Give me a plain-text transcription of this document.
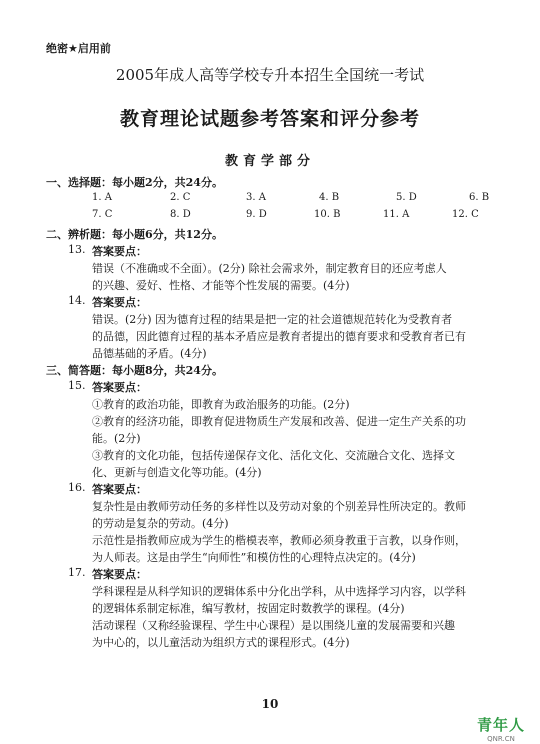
绝密★启用前
2005年成人高等学校专升本招生全国统一考试
教育理论试题参考答案和评分参考
教育学部分
一、选择题：每小题2分，共24分。
1. A	2. C	3. A	4. B	5. D	6. B
7. C	8. D	9. D	10. B	11. A	12. C
二、辨析题：每小题6分，共12分。
13. 答案要点：
错误（不准确或不全面）。(2分) 除社会需求外，制定教育目的还应考虑人
的兴趣、爱好、性格、才能等个性发展的需要。(4分)
14. 答案要点：
错误。(2分) 因为德育过程的结果是把一定的社会道德规范转化为受教育者
的品德，因此德育过程的基本矛盾应是教育者提出的德育要求和受教育者已有
品德基础的矛盾。(4分)
三、简答题：每小题8分，共24分。
15. 答案要点：
①教育的政治功能，即教育为政治服务的功能。(2分)
②教育的经济功能，即教育促进物质生产发展和改善、促进一定生产关系的功
能。(2分)
③教育的文化功能，包括传递保存文化、活化文化、交流融合文化、选择文
化、更新与创造文化等功能。(4分)
16. 答案要点：
复杂性是由教师劳动任务的多样性以及劳动对象的个别差异性所决定的。教师
的劳动是复杂的劳动。(4分)
示范性是指教师应成为学生的楷模表率，教师必须身教重于言教，以身作则，
为人师表。这是由学生“向师性”和模仿性的心理特点决定的。(4分)
17. 答案要点：
学科课程是从科学知识的逻辑体系中分化出学科，从中选择学习内容，以学科
的逻辑体系制定标准，编写教材，按固定时数教学的课程。(4分)
活动课程（又称经验课程、学生中心课程）是以围绕儿童的发展需要和兴趣
为中心的，以儿童活动为组织方式的课程形式。(4分)
10
青年人
QNR.CN
